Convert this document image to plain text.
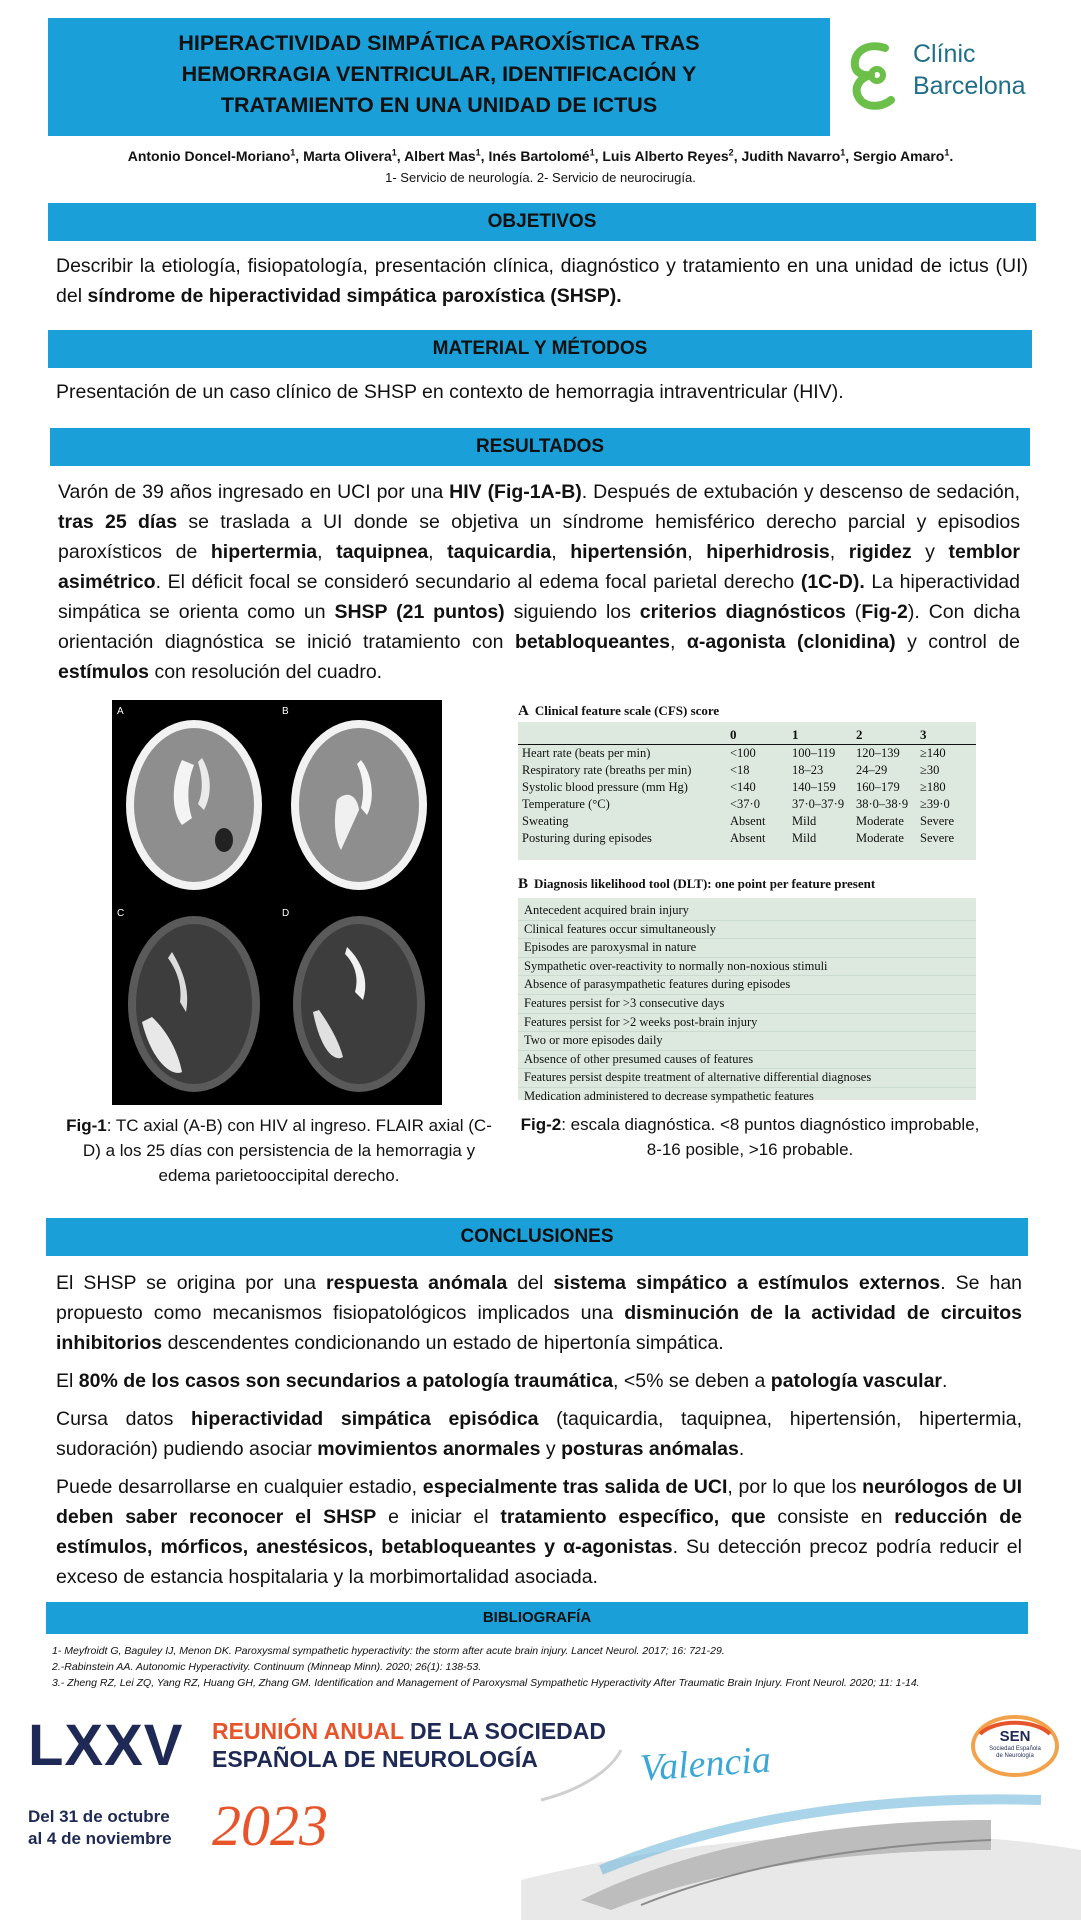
HIPERACTIVIDAD SIMPÁTICA PAROXÍSTICA TRAS
HEMORRAGIA VENTRICULAR, IDENTIFICACIÓN Y
TRATAMIENTO EN UNA UNIDAD DE ICTUS
Clínic
Barcelona
Antonio Doncel-Moriano$^1$, Marta Olivera$^1$, Albert Mas$^1$, Inés Bartolomé$^1$, Luis Alberto Reyes$^2$, Judith Navarro$^1$, Sergio Amaro$^1$.
1- Servicio de neurología. 2- Servicio de neurocirugía.
OBJETIVOS
Describir la etiología, fisiopatología, presentación clínica, diagnóstico y tratamiento en una unidad de ictus (UI) del síndrome de hiperactividad simpática paroxística (SHSP).
MATERIAL Y MÉTODOS
Presentación de un caso clínico de SHSP en contexto de hemorragia intraventricular (HIV).
RESULTADOS
Varón de 39 años ingresado en UCI por una HIV (Fig-1A-B). Después de extubación y descenso de sedación, tras 25 días se traslada a UI donde se objetiva un síndrome hemisférico derecho parcial y episodios paroxísticos de hipertermia, taquipnea, taquicardia, hipertensión, hiperhidrosis, rigidez y temblor asimétrico. El déficit focal se consideró secundario al edema focal parietal derecho (1C-D). La hiperactividad simpática se orienta como un SHSP (21 puntos) siguiendo los criterios diagnósticos (Fig-2). Con dicha orientación diagnóstica se inició tratamiento con betabloqueantes, α-agonista (clonidina) y control de estímulos con resolución del cuadro.
A	B
C	D
Fig-1: TC axial (A-B) con HIV al ingreso. FLAIR axial (C-D) a los 25 días con persistencia de la hemorragia y edema parietooccipital derecho.
A Clinical feature scale (CFS) score
	0	1	2	3
Heart rate (beats per min)	<100	100–119	120–139	≥140
Respiratory rate (breaths per min)	<18	18–23	24–29	≥30
Systolic blood pressure (mm Hg)	<140	140–159	160–179	≥180
Temperature (°C)	<37·0	37·0–37·9	38·0–38·9	≥39·0
Sweating	Absent	Mild	Moderate	Severe
Posturing during episodes	Absent	Mild	Moderate	Severe
B Diagnosis likelihood tool (DLT): one point per feature present
Antecedent acquired brain injury
Clinical features occur simultaneously
Episodes are paroxysmal in nature
Sympathetic over-reactivity to normally non-noxious stimuli
Absence of parasympathetic features during episodes
Features persist for >3 consecutive days
Features persist for >2 weeks post-brain injury
Two or more episodes daily
Absence of other presumed causes of features
Features persist despite treatment of alternative differential diagnoses
Medication administered to decrease sympathetic features
Fig-2: escala diagnóstica. <8 puntos diagnóstico improbable, 8-16 posible, >16 probable.
CONCLUSIONES
El SHSP se origina por una respuesta anómala del sistema simpático a estímulos externos. Se han propuesto como mecanismos fisiopatológicos implicados una disminución de la actividad de circuitos inhibitorios descendentes condicionando un estado de hipertonía simpática.
El 80% de los casos son secundarios a patología traumática, <5% se deben a patología vascular.
Cursa datos hiperactividad simpática episódica (taquicardia, taquipnea, hipertensión, hipertermia, sudoración) pudiendo asociar movimientos anormales y posturas anómalas.
Puede desarrollarse en cualquier estadio, especialmente tras salida de UCI, por lo que los neurólogos de UI deben saber reconocer el SHSP e iniciar el tratamiento específico, que consiste en reducción de estímulos, mórficos, anestésicos, betabloqueantes y α-agonistas. Su detección precoz podría reducir el exceso de estancia hospitalaria y la morbimortalidad asociada.
BIBLIOGRAFÍA
1- Meyfroidt G, Baguley IJ, Menon DK. Paroxysmal sympathetic hyperactivity: the storm after acute brain injury. Lancet Neurol. 2017; 16: 721-29.
2.-Rabinstein AA. Autonomic Hyperactivity. Continuum (Minneap Minn). 2020; 26(1): 138-53.
3.- Zheng RZ, Lei ZQ, Yang RZ, Huang GH, Zhang GM. Identification and Management of Paroxysmal Sympathetic Hyperactivity After Traumatic Brain Injury. Front Neurol. 2020; 11: 1-14.
LXXV REUNIÓN ANUAL DE LA SOCIEDAD
ESPAÑOLA DE NEUROLOGÍA	Valencia
Del 31 de octubre
al 4 de noviembre 2023
SEN
Sociedad Española
de Neurología
